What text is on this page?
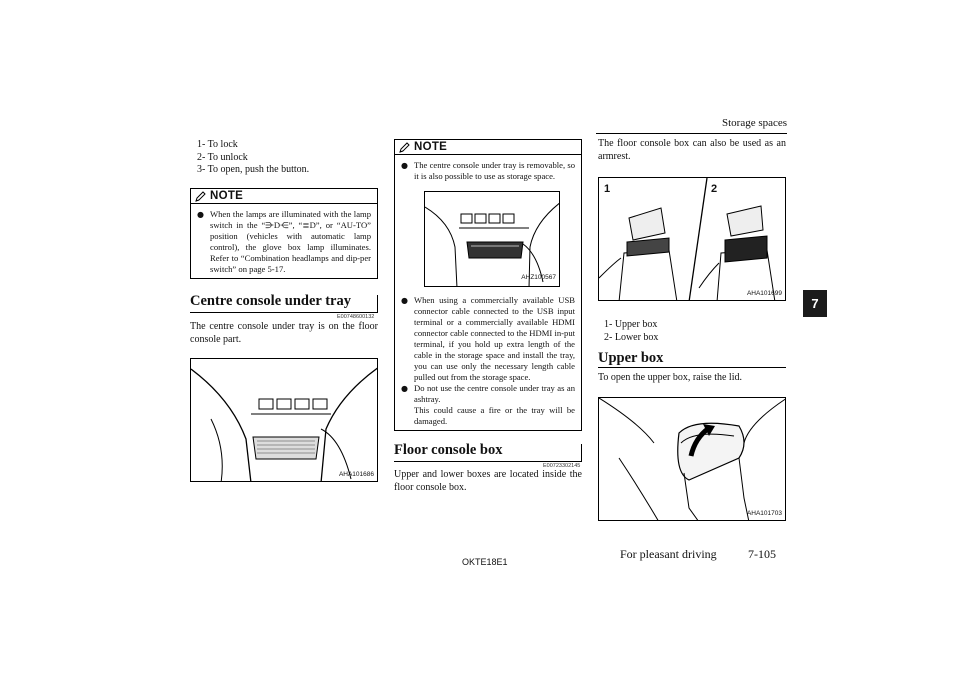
Storage spaces
7
1- To lock
2- To unlock
3- To open, push the button.
NOTE
● When the lamps are illuminated with the lamp switch in the “⋺D⋲”, “≣D”, or “AU-TO” position (vehicles with automatic lamp control), the glove box lamp illuminates. Refer to “Combination headlamps and dip-per switch” on page 5-17.
Centre console under tray
E00748600132
The centre console under tray is on the floor console part.
AHA101686
NOTE
● The centre console under tray is removable, so it is also possible to use as storage space.
AHZ100567
● When using a commercially available USB connector cable connected to the USB input terminal or a commercially available HDMI connector cable connected to the HDMI in-put terminal, if you hold up extra length of the cable in the storage space and install the tray, you can use only the necessary length cable pulled out from the storage space.
● Do not use the centre console under tray as an ashtray.
This could cause a fire or the tray will be damaged.
Floor console box
E00723302145
Upper and lower boxes are located inside the floor console box.
The floor console box can also be used as an armrest.
1	2
AHA101699
1- Upper box
2- Lower box
Upper box
To open the upper box, raise the lid.
AHA101703
OKTE18E1
For pleasant driving	7-105
